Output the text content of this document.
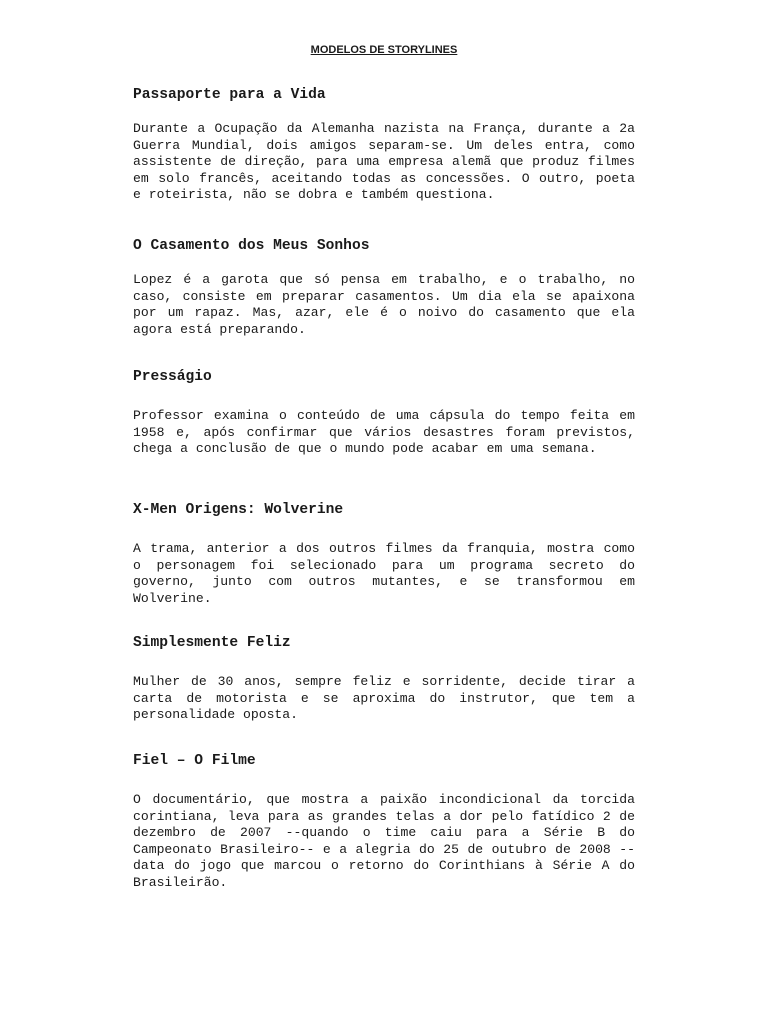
MODELOS DE STORYLINES
Passaporte para a Vida

Durante a Ocupação da Alemanha nazista na França, durante a 2a Guerra Mundial, dois amigos separam-se. Um deles entra, como assistente de direção, para uma empresa alemã que produz filmes em solo francês, aceitando todas as concessões. O outro, poeta e roteirista, não se dobra e também questiona.

O Casamento dos Meus Sonhos

Lopez é a garota que só pensa em trabalho, e o trabalho, no caso, consiste em preparar casamentos. Um dia ela se apaixona por um rapaz. Mas, azar, ele é o noivo do casamento que ela agora está preparando.

Presságio

Professor examina o conteúdo de uma cápsula do tempo feita em 1958 e, após confirmar que vários desastres foram previstos, chega a conclusão de que o mundo pode acabar em uma semana.

X-Men Origens: Wolverine

A trama, anterior a dos outros filmes da franquia, mostra como o personagem foi selecionado para um programa secreto do governo, junto com outros mutantes, e se transformou em Wolverine.

Simplesmente Feliz

Mulher de 30 anos, sempre feliz e sorridente, decide tirar a carta de motorista e se aproxima do instrutor, que tem a personalidade oposta.

Fiel – O Filme

O documentário, que mostra a paixão incondicional da torcida corintiana, leva para as grandes telas a dor pelo fatídico 2 de dezembro de 2007 --quando o time caiu para a Série B do Campeonato Brasileiro-- e a alegria do 25 de outubro de 2008 --data do jogo que marcou o retorno do Corinthians à Série A do Brasileirão.
